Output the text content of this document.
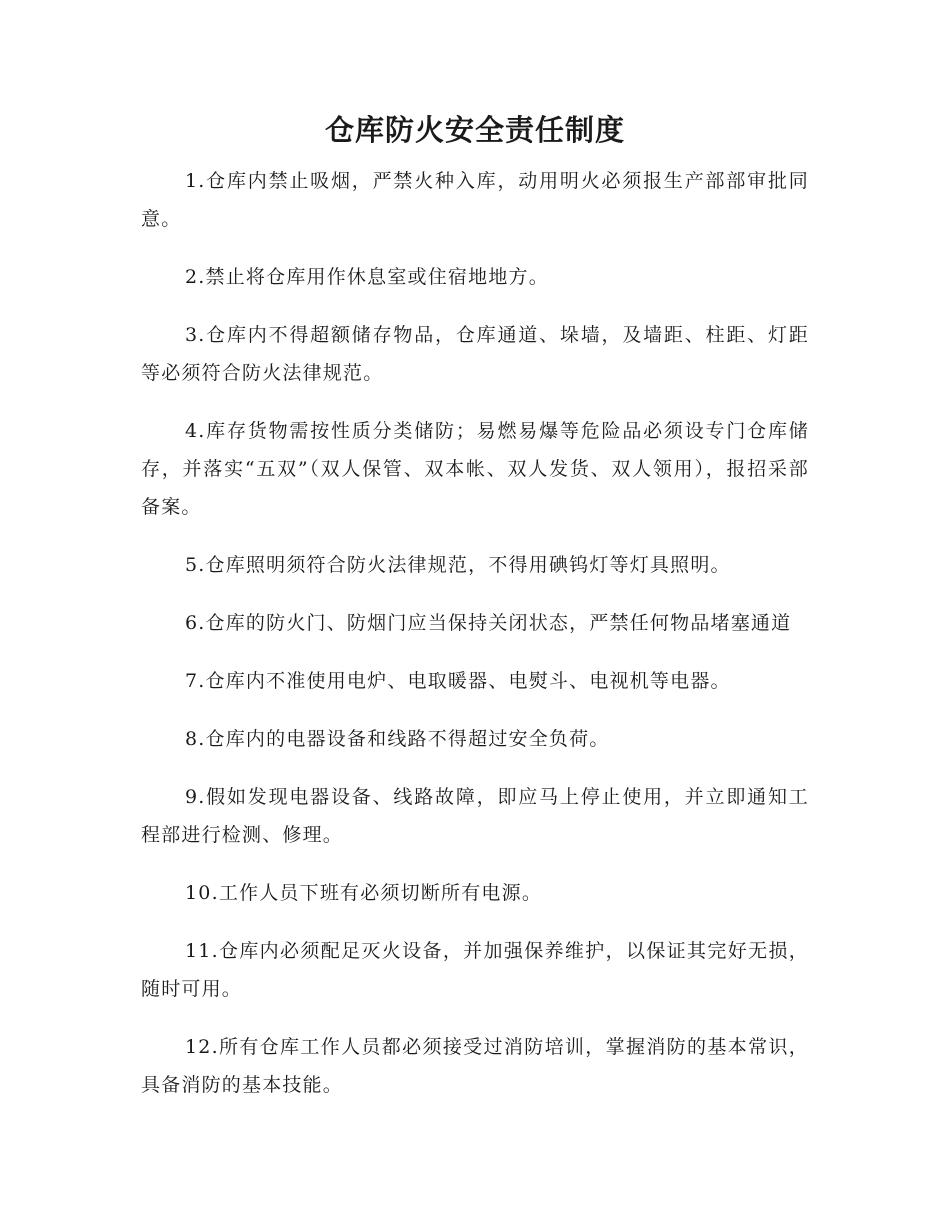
仓库防火安全责任制度

1.仓库内禁止吸烟，严禁火种入库，动用明火必须报生产部部审批同意。

2.禁止将仓库用作休息室或住宿地地方。

3.仓库内不得超额储存物品，仓库通道、垛墙，及墙距、柱距、灯距等必须符合防火法律规范。

4.库存货物需按性质分类储防；易燃易爆等危险品必须设专门仓库储存，并落实“五双”（双人保管、双本帐、双人发货、双人领用），报招采部备案。

5.仓库照明须符合防火法律规范，不得用碘钨灯等灯具照明。

6.仓库的防火门、防烟门应当保持关闭状态，严禁任何物品堵塞通道

7.仓库内不准使用电炉、电取暖器、电熨斗、电视机等电器。

8.仓库内的电器设备和线路不得超过安全负荷。

9.假如发现电器设备、线路故障，即应马上停止使用，并立即通知工程部进行检测、修理。

10.工作人员下班有必须切断所有电源。

11.仓库内必须配足灭火设备，并加强保养维护，以保证其完好无损，随时可用。

12.所有仓库工作人员都必须接受过消防培训，掌握消防的基本常识，具备消防的基本技能。
